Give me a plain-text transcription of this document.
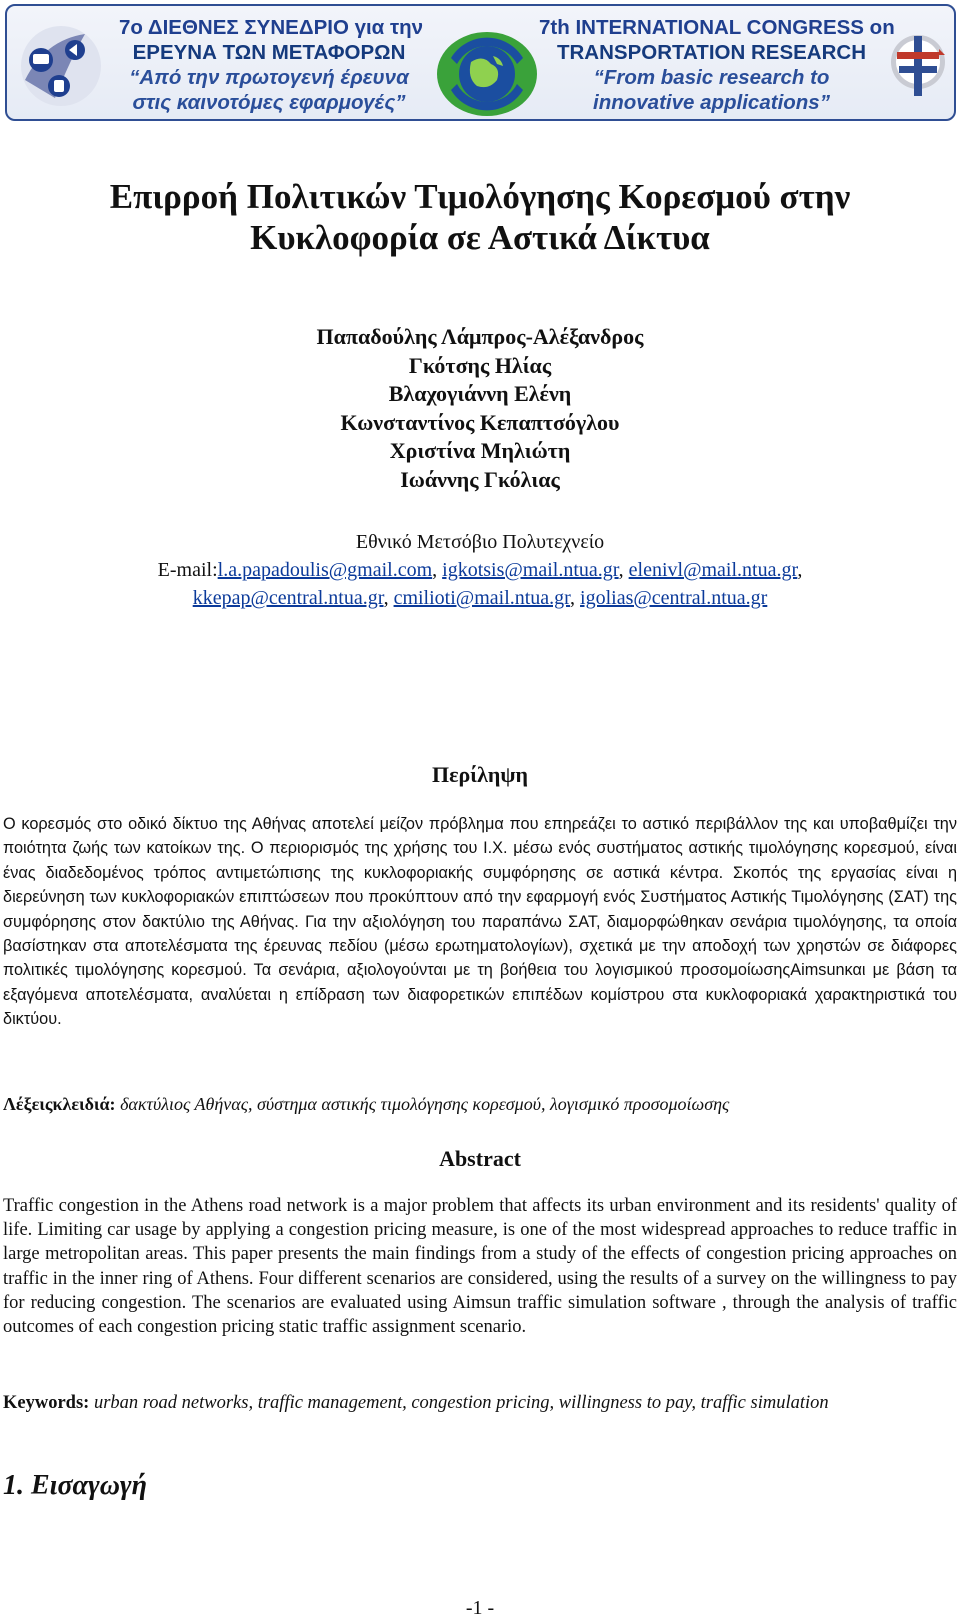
7ο ΔΙΕΘΝΕΣ ΣΥΝΕΔΡΙΟ για την
ΕΡΕΥΝΑ ΤΩΝ ΜΕΤΑΦΟΡΩΝ
“Από την πρωτογενή έρευνα
στις καινοτόμες εφαρμογές”
7th INTERNATIONAL CONGRESS on
TRANSPORTATION RESEARCH
“From basic research to
innovative applications”
Επιρροή Πολιτικών Τιμολόγησης Κορεσμού στην
Κυκλοφορία σε Αστικά Δίκτυα
Παπαδούλης Λάμπρος-Αλέξανδρος
Γκότσης Ηλίας
Βλαχογιάννη Ελένη
Κωνσταντίνος Κεπαπτσόγλου
Χριστίνα Μηλιώτη
Ιωάννης Γκόλιας
Εθνικό Μετσόβιο Πολυτεχνείο
E-mail:l.a.papadoulis@gmail.com, igkotsis@mail.ntua.gr, elenivl@mail.ntua.gr,
kkepap@central.ntua.gr, cmilioti@mail.ntua.gr, igolias@central.ntua.gr
Περίληψη
Ο κορεσμός στο οδικό δίκτυο της Αθήνας αποτελεί μείζον πρόβλημα που επηρεάζει το αστικό περιβάλλον της και υποβαθμίζει την ποιότητα ζωής των κατοίκων της. Ο περιορισμός της χρήσης του Ι.Χ. μέσω ενός συστήματος αστικής τιμολόγησης κορεσμού, είναι ένας διαδεδομένος τρόπος αντιμετώπισης της κυκλοφοριακής συμφόρησης σε αστικά κέντρα. Σκοπός της εργασίας είναι η διερεύνηση των κυκλοφοριακών επιπτώσεων που προκύπτουν από την εφαρμογή ενός Συστήματος Αστικής Τιμολόγησης (ΣΑΤ) της συμφόρησης στον δακτύλιο της Αθήνας. Για την αξιολόγηση του παραπάνω ΣΑΤ, διαμορφώθηκαν σενάρια τιμολόγησης, τα οποία βασίστηκαν στα αποτελέσματα της έρευνας πεδίου (μέσω ερωτηματολογίων), σχετικά με την αποδοχή των χρηστών σε διάφορες πολιτικές τιμολόγησης κορεσμού. Τα σενάρια, αξιολογούνται με τη βοήθεια του λογισμικού προσομοίωσηςAimsunκαι με βάση τα εξαγόμενα αποτελέσματα, αναλύεται η επίδραση των διαφορετικών επιπέδων κομίστρου στα κυκλοφοριακά χαρακτηριστικά του δικτύου.
Λέξειςκλειδιά: δακτύλιος Αθήνας, σύστημα αστικής τιμολόγησης κορεσμού, λογισμικό προσομοίωσης
Abstract
Traffic congestion in the Athens road network is a major problem that affects its urban environment and its residents' quality of life. Limiting car usage by applying a congestion pricing measure, is one of the most widespread approaches to reduce traffic in large metropolitan areas. This paper presents the main findings from a study of the effects of congestion pricing approaches on traffic in the inner ring of Athens. Four different scenarios are considered, using the results of a survey on the willingness to pay for reducing congestion. The scenarios are evaluated using Aimsun traffic simulation software , through the analysis of traffic outcomes of each congestion pricing static traffic assignment scenario.
Keywords: urban road networks, traffic management, congestion pricing, willingness to pay, traffic simulation
1. Εισαγωγή
-1 -
